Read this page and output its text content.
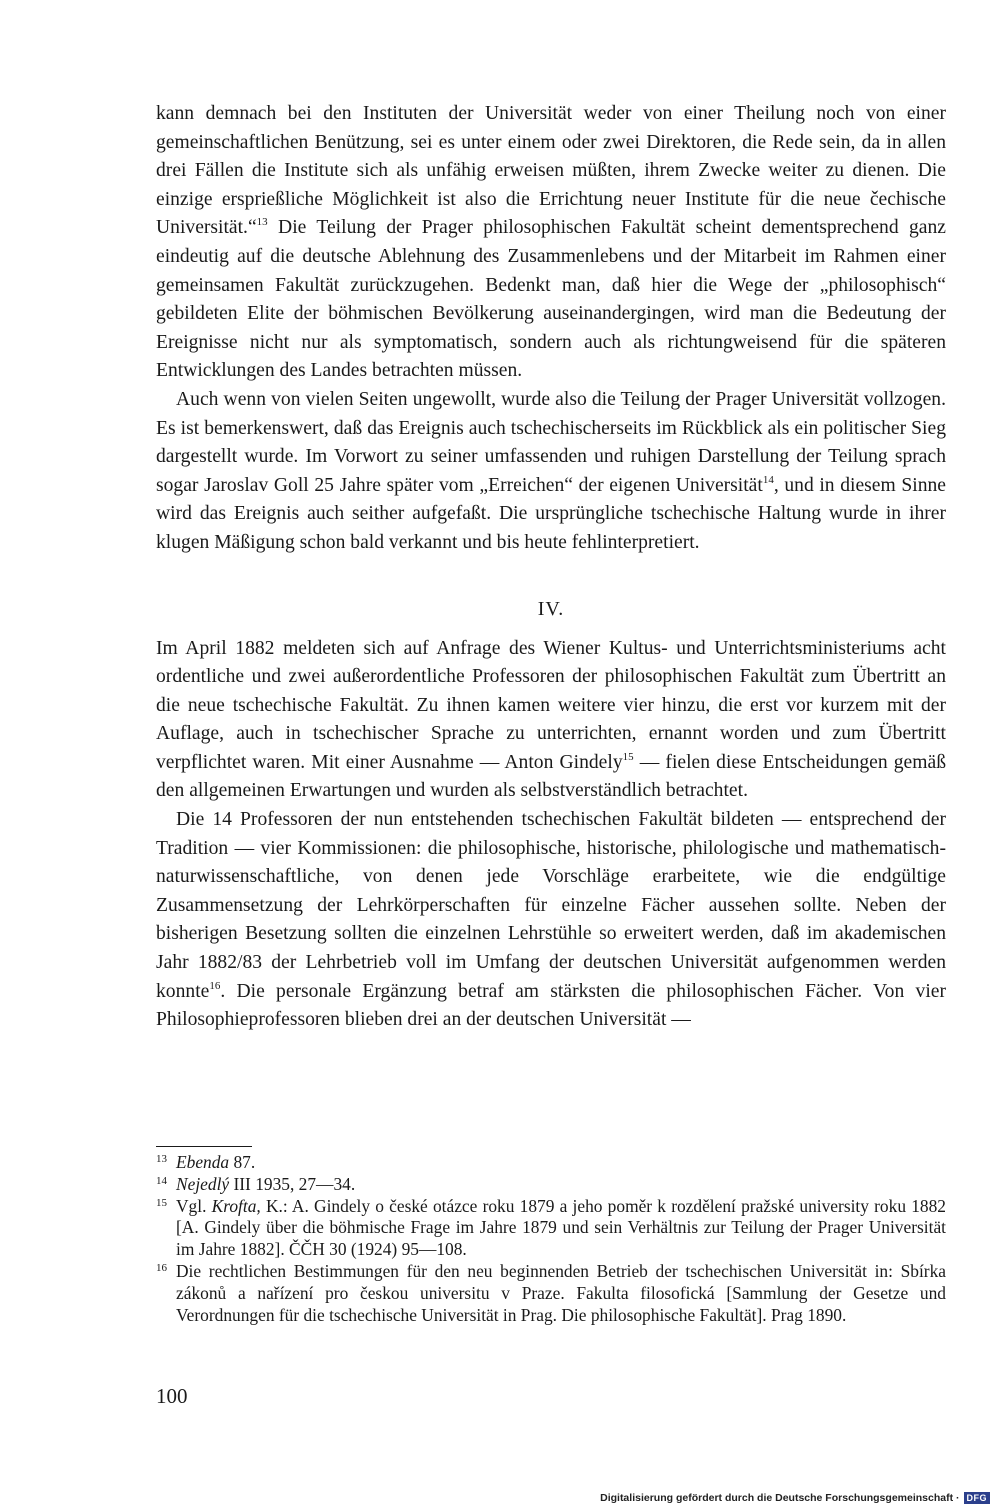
kann demnach bei den Instituten der Universität weder von einer Theilung noch von einer gemeinschaftlichen Benützung, sei es unter einem oder zwei Direktoren, die Rede sein, da in allen drei Fällen die Institute sich als unfähig erweisen müßten, ihrem Zwecke weiter zu dienen. Die einzige ersprießliche Möglichkeit ist also die Errichtung neuer Institute für die neue čechische Universität.“$^{13}$ Die Teilung der Prager philosophischen Fakultät scheint dementsprechend ganz eindeutig auf die deutsche Ablehnung des Zusammenlebens und der Mitarbeit im Rahmen einer gemeinsamen Fakultät zurückzugehen. Bedenkt man, daß hier die Wege der „philosophisch“ gebildeten Elite der böhmischen Bevölkerung auseinandergingen, wird man die Bedeutung der Ereignisse nicht nur als symptomatisch, sondern auch als richtungweisend für die späteren Entwicklungen des Landes betrachten müssen.

Auch wenn von vielen Seiten ungewollt, wurde also die Teilung der Prager Universität vollzogen. Es ist bemerkenswert, daß das Ereignis auch tschechischerseits im Rückblick als ein politischer Sieg dargestellt wurde. Im Vorwort zu seiner umfassenden und ruhigen Darstellung der Teilung sprach sogar Jaroslav Goll 25 Jahre später vom „Erreichen“ der eigenen Universität$^{14}$, und in diesem Sinne wird das Ereignis auch seither aufgefaßt. Die ursprüngliche tschechische Haltung wurde in ihrer klugen Mäßigung schon bald verkannt und bis heute fehlinterpretiert.

IV.

Im April 1882 meldeten sich auf Anfrage des Wiener Kultus- und Unterrichtsministeriums acht ordentliche und zwei außerordentliche Professoren der philosophischen Fakultät zum Übertritt an die neue tschechische Fakultät. Zu ihnen kamen weitere vier hinzu, die erst vor kurzem mit der Auflage, auch in tschechischer Sprache zu unterrichten, ernannt worden und zum Übertritt verpflichtet waren. Mit einer Ausnahme — Anton Gindely$^{15}$ — fielen diese Entscheidungen gemäß den allgemeinen Erwartungen und wurden als selbstverständlich betrachtet.

Die 14 Professoren der nun entstehenden tschechischen Fakultät bildeten — entsprechend der Tradition — vier Kommissionen: die philosophische, historische, philologische und mathematisch-naturwissenschaftliche, von denen jede Vorschläge erarbeitete, wie die endgültige Zusammensetzung der Lehrkörperschaften für einzelne Fächer aussehen sollte. Neben der bisherigen Besetzung sollten die einzelnen Lehrstühle so erweitert werden, daß im akademischen Jahr 1882/83 der Lehrbetrieb voll im Umfang der deutschen Universität aufgenommen werden konnte$^{16}$. Die personale Ergänzung betraf am stärksten die philosophischen Fächer. Von vier Philosophieprofessoren blieben drei an der deutschen Universität —

13 Ebenda 87.
14 Nejedlý III 1935, 27—34.
15 Vgl. Krofta, K.: A. Gindely o české otázce roku 1879 a jeho poměr k rozdělení pražské university roku 1882 [A. Gindely über die böhmische Frage im Jahre 1879 und sein Verhältnis zur Teilung der Prager Universität im Jahre 1882]. ČČH 30 (1924) 95—108.
16 Die rechtlichen Bestimmungen für den neu beginnenden Betrieb der tschechischen Universität in: Sbírka zákonů a nařízení pro českou universitu v Praze. Fakulta filosofická [Sammlung der Gesetze und Verordnungen für die tschechische Universität in Prag. Die philosophische Fakultät]. Prag 1890.
100
Digitalisierung gefördert durch die Deutsche Forschungsgemeinschaft · DFG
